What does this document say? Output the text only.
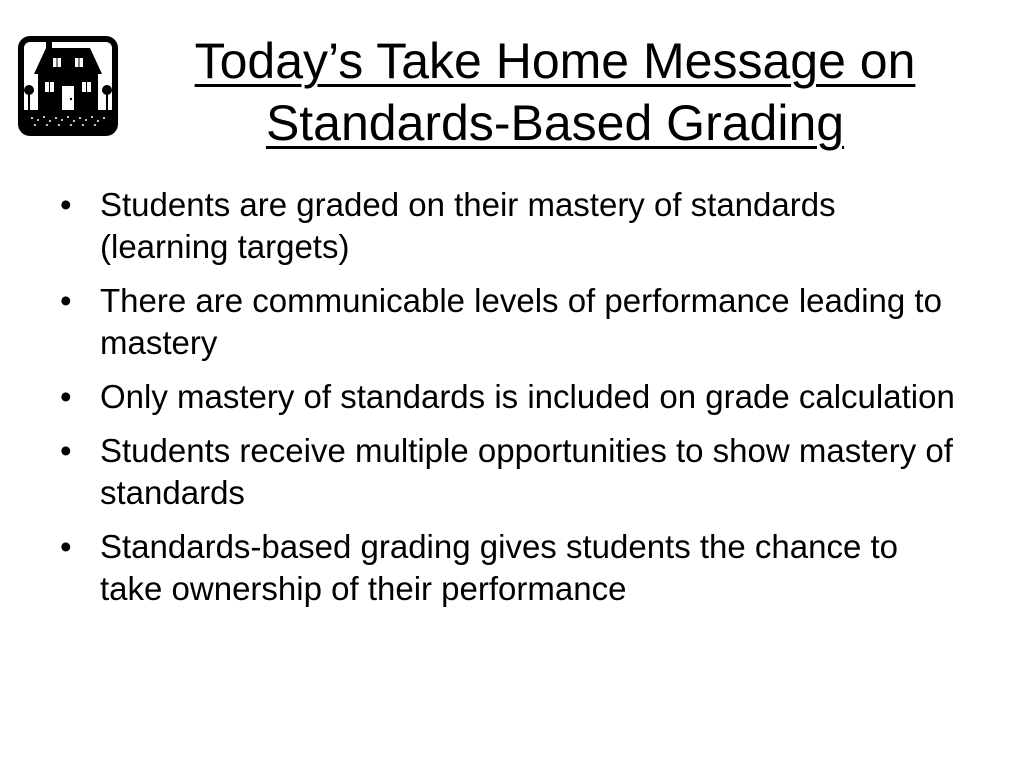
Today’s Take Home Message on
Standards-Based Grading
• Students are graded on their mastery of standards (learning targets)
• There are communicable levels of performance leading to mastery
• Only mastery of standards is included on grade calculation
• Students receive multiple opportunities to show mastery of standards
• Standards-based grading gives students the chance to take ownership of their performance
